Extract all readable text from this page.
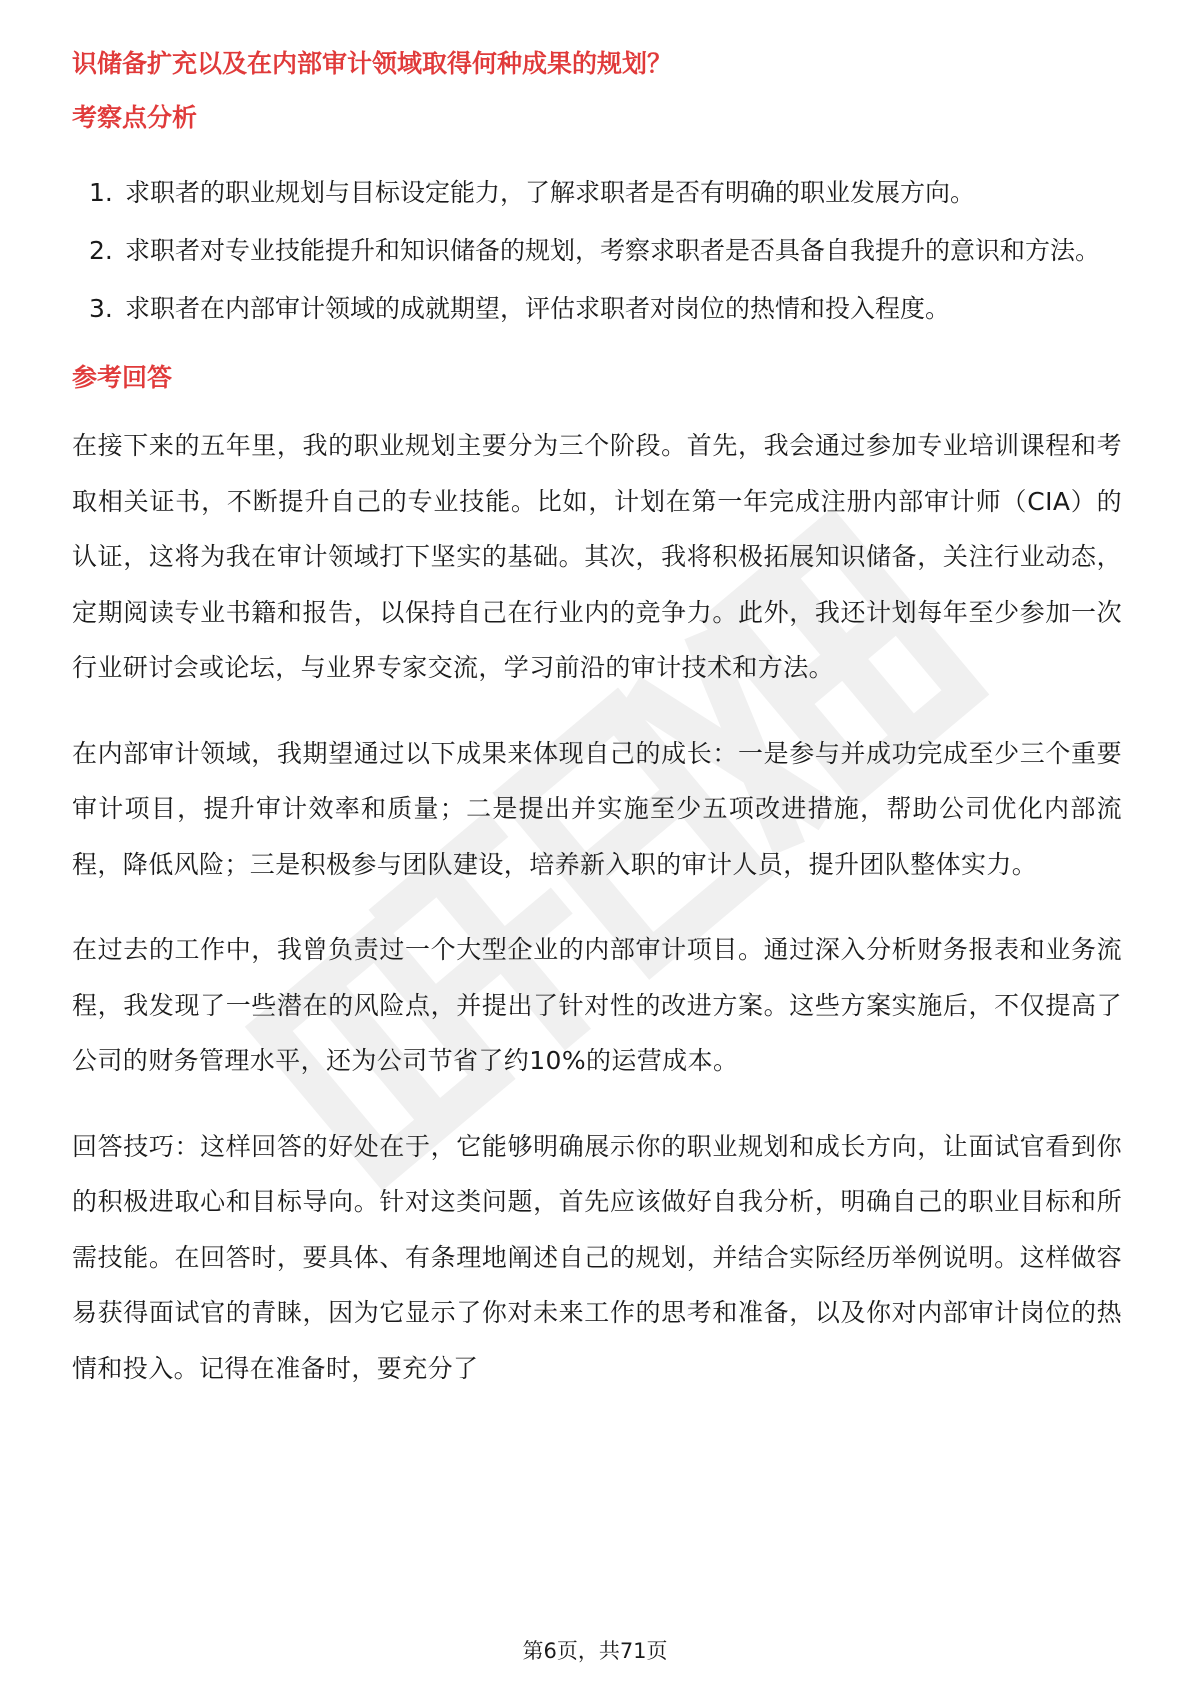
识储备扩充以及在内部审计领域取得何种成果的规划？
考察点分析
1. 求职者的职业规划与目标设定能力，了解求职者是否有明确的职业发展方向。
2. 求职者对专业技能提升和知识储备的规划，考察求职者是否具备自我提升的意识和方法。
3. 求职者在内部审计领域的成就期望，评估求职者对岗位的热情和投入程度。
参考回答

在接下来的五年里，我的职业规划主要分为三个阶段。首先，我会通过参加专业培训课程和考取相关证书，不断提升自己的专业技能。比如，计划在第一年完成注册内部审计师（CIA）的认证，这将为我在审计领域打下坚实的基础。其次，我将积极拓展知识储备，关注行业动态，定期阅读专业书籍和报告，以保持自己在行业内的竞争力。此外，我还计划每年至少参加一次行业研讨会或论坛，与业界专家交流，学习前沿的审计技术和方法。

在内部审计领域，我期望通过以下成果来体现自己的成长：一是参与并成功完成至少三个重要审计项目，提升审计效率和质量；二是提出并实施至少五项改进措施，帮助公司优化内部流程，降低风险；三是积极参与团队建设，培养新入职的审计人员，提升团队整体实力。

在过去的工作中，我曾负责过一个大型企业的内部审计项目。通过深入分析财务报表和业务流程，我发现了一些潜在的风险点，并提出了针对性的改进方案。这些方案实施后，不仅提高了公司的财务管理水平，还为公司节省了约10%的运营成本。

回答技巧：这样回答的好处在于，它能够明确展示你的职业规划和成长方向，让面试官看到你的积极进取心和目标导向。针对这类问题，首先应该做好自我分析，明确自己的职业目标和所需技能。在回答时，要具体、有条理地阐述自己的规划，并结合实际经历举例说明。这样做容易获得面试官的青睐，因为它显示了你对未来工作的思考和准备，以及你对内部审计岗位的热情和投入。记得在准备时，要充分了

第6页，共71页
